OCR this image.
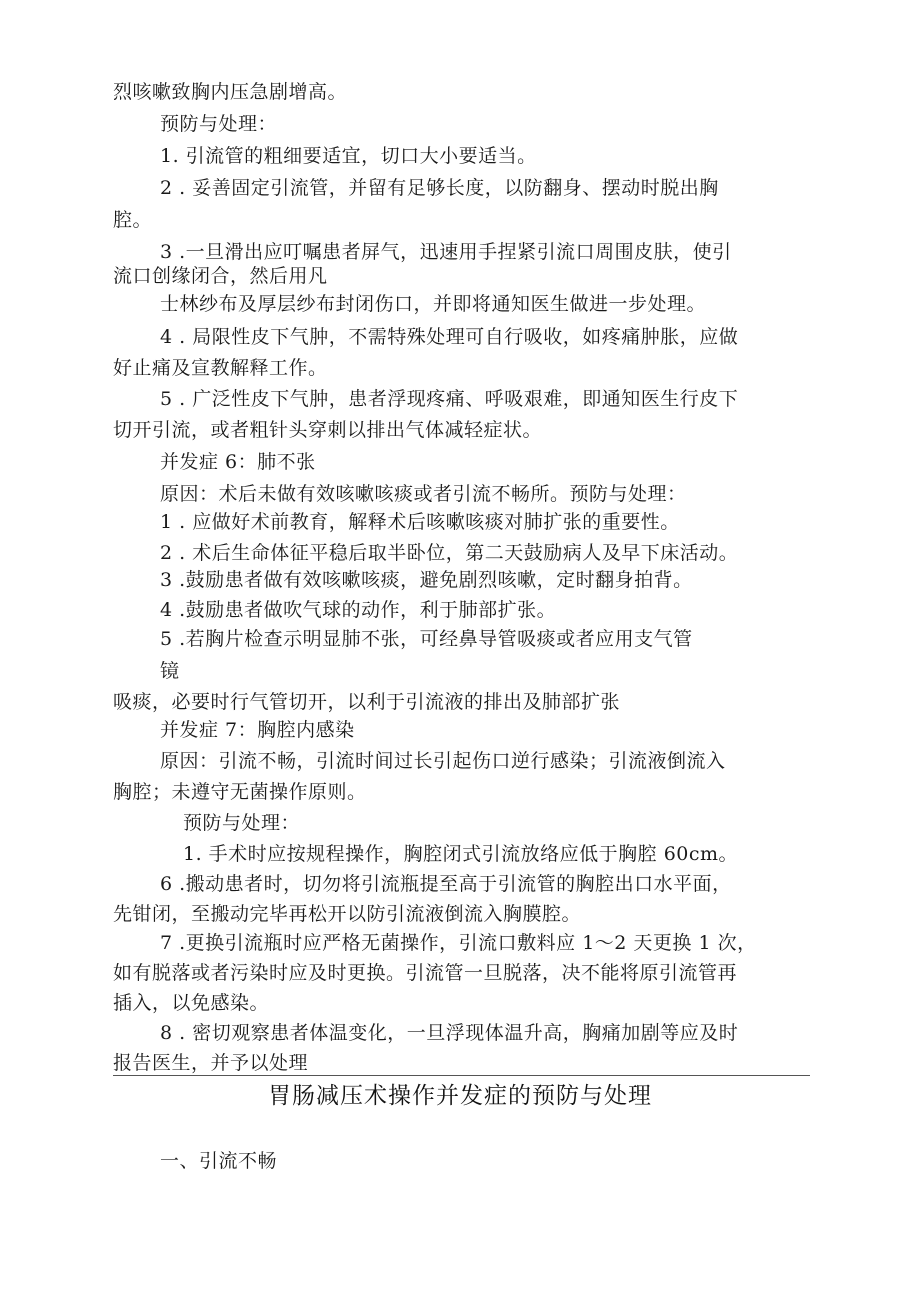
烈咳嗽致胸内压急剧增高。
预防与处理：
1. 引流管的粗细要适宜，切口大小要适当。
2 . 妥善固定引流管，并留有足够长度，以防翻身、摆动时脱出胸
腔。
3 .一旦滑出应叮嘱患者屏气，迅速用手捏紧引流口周围皮肤，使引
流口创缘闭合，然后用凡
士林纱布及厚层纱布封闭伤口，并即将通知医生做进一步处理。
4 . 局限性皮下气肿，不需特殊处理可自行吸收，如疼痛肿胀，应做
好止痛及宣教解释工作。
5 . 广泛性皮下气肿，患者浮现疼痛、呼吸艰难，即通知医生行皮下
切开引流，或者粗针头穿刺以排出气体减轻症状。
并发症 6：肺不张
原因：术后未做有效咳嗽咳痰或者引流不畅所。预防与处理：
1 . 应做好术前教育，解释术后咳嗽咳痰对肺扩张的重要性。
2 . 术后生命体征平稳后取半卧位，第二天鼓励病人及早下床活动。
3 .鼓励患者做有效咳嗽咳痰，避免剧烈咳嗽，定时翻身拍背。
4 .鼓励患者做吹气球的动作，利于肺部扩张。
5 .若胸片检查示明显肺不张，可经鼻导管吸痰或者应用支气管
镜
吸痰，必要时行气管切开，以利于引流液的排出及肺部扩张
并发症 7：胸腔内感染
原因：引流不畅，引流时间过长引起伤口逆行感染；引流液倒流入
胸腔；未遵守无菌操作原则。
预防与处理：
1. 手术时应按规程操作，胸腔闭式引流放络应低于胸腔 60cm。
6 .搬动患者时，切勿将引流瓶提至高于引流管的胸腔出口水平面，
先钳闭，至搬动完毕再松开以防引流液倒流入胸膜腔。
7 .更换引流瓶时应严格无菌操作，引流口敷料应 1～2 天更换 1 次，
如有脱落或者污染时应及时更换。引流管一旦脱落，决不能将原引流管再
插入，以免感染。
8 . 密切观察患者体温变化，一旦浮现体温升高，胸痛加剧等应及时
报告医生，并予以处理
胃肠减压术操作并发症的预防与处理
一、引流不畅
